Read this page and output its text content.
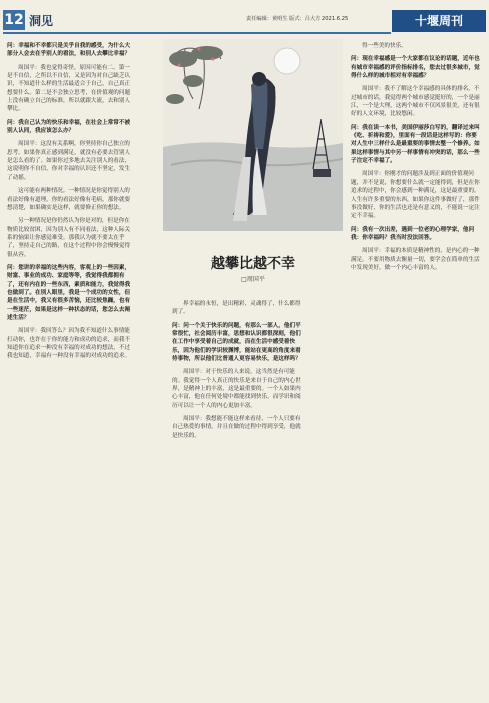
12 洞见	责任编辑：黄明生 版式：吕大方 2021.6.25	十堰周刊

问：幸福和不幸都只是关乎自我的感受，为什么大部分人会去在乎别人的看法，和别人去攀比幸福？

周国平：我也觉得奇怪，原因可能有二。第一是不自信，之所以不自信，又是因为对自己缺乏认识，不知道什么样的生活最适合于自己，自己真正想要什么。第二是不会独立思考，在价值观的问题上没有确立自己的标准，所以就跟大流，去和别人攀比。

问：我自己认为的快乐和幸福，在社会上常常不被别人认同，我应该怎么办？

周国平：这没有关系啊，你坚持你自己独立的思考。如果你真正感到满足，就没有必要去管别人是怎么看的了。如果你过多地去关注别人的看法，这说明你不自信，你对幸福的认识还不坚定，发生了动摇。

这可能有两种情况。一种情况是你觉得别人的看法好像有道理，你的看法好像有毛病，那你就要想清楚，如果确实是这样，就要修正你的想法。

另一种情况是你仍然认为你是对的，但是你在物质比较贫困，因为别人有不同看法，这种人际关系的恼果让你感觉难受。那我认为就不要太在乎了，坚持走自己的路，在这个过程中你会慢慢觉得很从容。

问：您讲的幸福的这些内容，客观上的一些因素，财富、事业的成功、家庭等等，我觉得我都拥有了，还有内在的一些东西，素质和能力，我觉得我也做到了。在别人眼里，我是一个成功的女性，但是在生活中，我又有很多苦恼，还比较焦躁，也有一些迷茫，如果是这样一种状态的话，您怎么去阐述生活？

周国平：我回答么？因为我不知道什么事情能打动你，也许在于你的能力和成功的追求，而我不知道你在追求一种没有幸福的对成功的想法，不过我也知道，幸福有一种没有幸福的对成功的追求。

越攀比越不幸
□周国平

界幸福的永恒，是出精彩，灵魂得了，什么都得到了。

问：问一个关于快乐的问题，有那么一部人，他们平常很忙，社会阅历丰富，思想和认识都很深刻，他们在工作中享受着自己的成就，而在生活中感受着快乐，因为他们的学识较渊博，能站在更高的角度来看待事物，所以他们比普通人更容易快乐，是这样吗？

周国平：对于快乐的人来说，这当然是有可能的。我觉得一个人真正的快乐是来自于自己的内心世界，是精神上的丰富，这是最重要的。一个人如果内心丰富，他在任何处境中都能找到快乐，而学识和阅历可以让一个人的内心更加丰富。

周国平：我想能不能这样来看待，一个人只要有自己热爱的事情，并且在做的过程中得到享受，他就是快乐的。

得一些美的快乐。

问：现在幸福感是一个大家都在议论的话题，近年也有城市幸福感的评价指标排名，您去过很多城市，觉得什么样的城市相对有幸福感？

周国平：我不了解这个幸福感的具体的排名，不过城市的话，我觉得两个城市感觉挺好的，一个是丽江，一个是大理，这两个城市不仅风景很美，还有很好的人文环境，比较悠闲。

问：我在读一本书，美国伊丽莎白写的，翻译过来叫《吃、祈祷和爱》，里面有一段话是这样写的：你要对人生中三样什么是最重要的事情去整一个修养。如果这样事情与其中另一样事情有冲突的话，那么一些子注定不幸福了。

周国平：你刚才的问题涉及到正面的价值观问题，并不是说，你想要什么就一定能得到，但是在你追求的过程中，你会感到一种满足，这是最重要的。人生有许多重要的东西，如果你这件事做好了，那件事没做好，你的生活也还是有意义的，不能说一定注定不幸福。

问：我有一次出差，遇到一位老的心理学家，他问我：你幸福吗？我当时没法回答。

周国平：幸福的本质是精神性的，是内心的一种满足。不要用物质去衡量一切，要学会在简单的生活中发现美好，做一个内心丰富的人。
